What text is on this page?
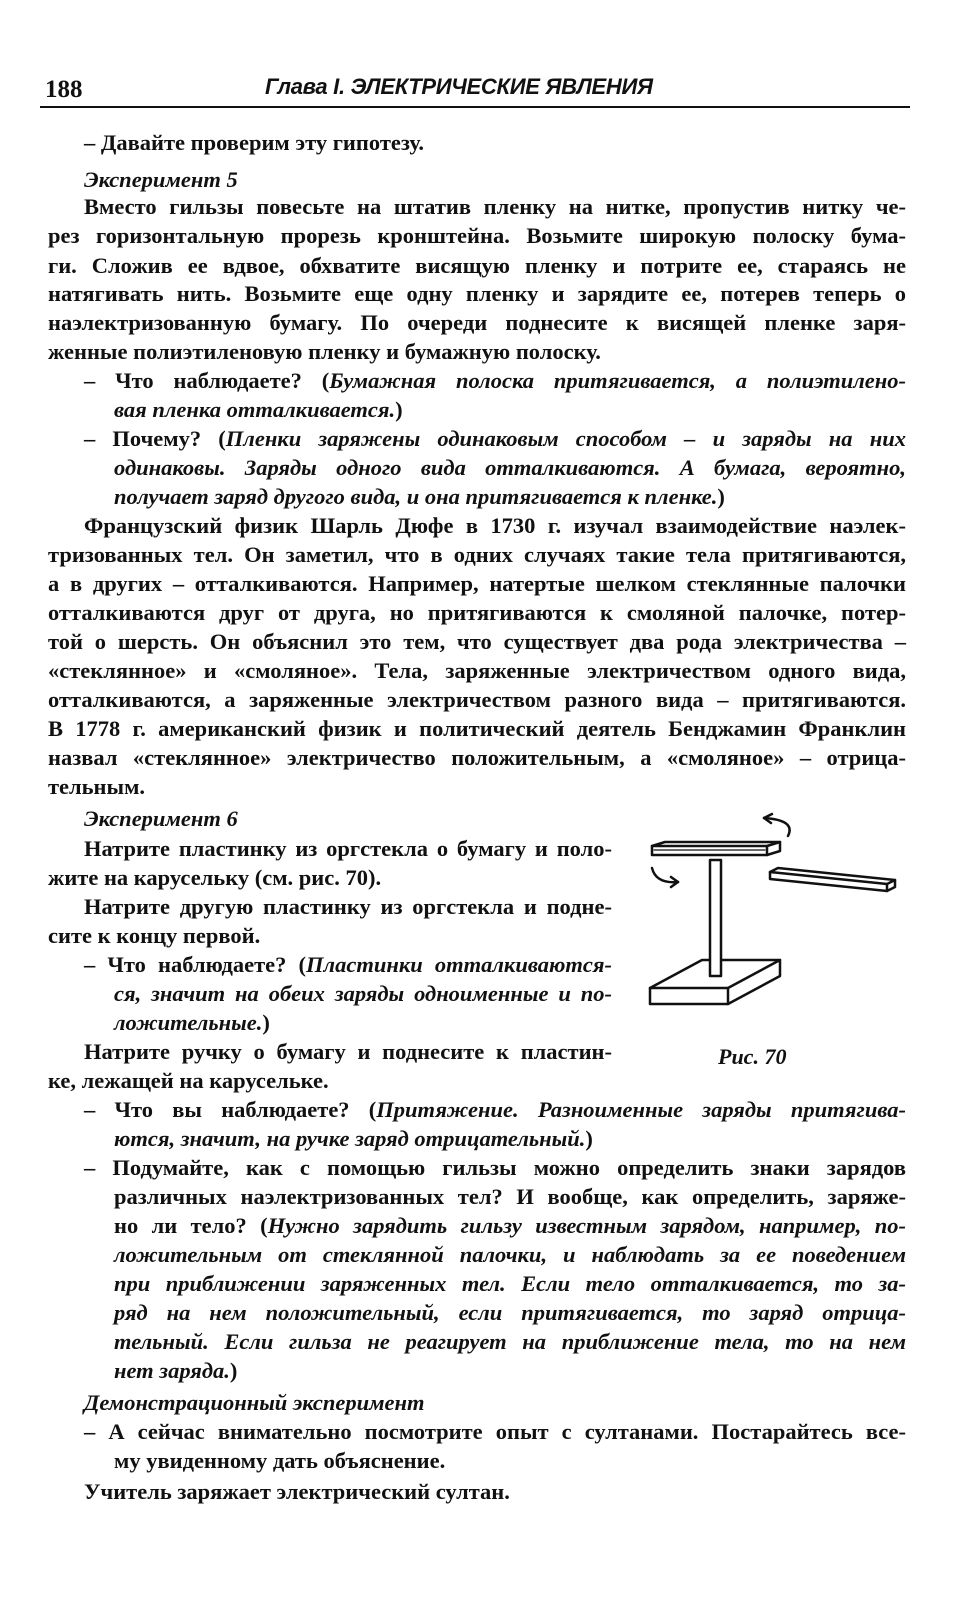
188	Глава I. ЭЛЕКТРИЧЕСКИЕ ЯВЛЕНИЯ
– Давайте проверим эту гипотезу.
Эксперимент 5
Вместо гильзы повесьте на штатив пленку на нитке, пропустив нитку че-
рез горизонтальную прорезь кронштейна. Возьмите широкую полоску бума-
ги. Сложив ее вдвое, обхватите висящую пленку и потрите ее, стараясь не
натягивать нить. Возьмите еще одну пленку и зарядите ее, потерев теперь о
наэлектризованную бумагу. По очереди поднесите к висящей пленке заря-
женные полиэтиленовую пленку и бумажную полоску.
– Что наблюдаете? (Бумажная полоска притягивается, а полиэтилено-
вая пленка отталкивается.)
– Почему? (Пленки заряжены одинаковым способом – и заряды на них
одинаковы. Заряды одного вида отталкиваются. А бумага, вероятно,
получает заряд другого вида, и она притягивается к пленке.)
Французский физик Шарль Дюфе в 1730 г. изучал взаимодействие наэлек-
тризованных тел. Он заметил, что в одних случаях такие тела притягиваются,
а в других – отталкиваются. Например, натертые шелком стеклянные палочки
отталкиваются друг от друга, но притягиваются к смоляной палочке, потер-
той о шерсть. Он объяснил это тем, что существует два рода электричества –
«стеклянное» и «смоляное». Тела, заряженные электричеством одного вида,
отталкиваются, а заряженные электричеством разного вида – притягиваются.
В 1778 г. американский физик и политический деятель Бенджамин Франклин
назвал «стеклянное» электричество положительным, а «смоляное» – отрица-
тельным.
Эксперимент 6
Натрите пластинку из оргстекла о бумагу и поло-
жите на карусельку (см. рис. 70).
Натрите другую пластинку из оргстекла и подне-
сите к концу первой.
– Что наблюдаете? (Пластинки отталкиваются-
ся, значит на обеих заряды одноименные и по-
ложительные.)
Натрите ручку о бумагу и поднесите к пластин-
ке, лежащей на карусельке.
– Что вы наблюдаете? (Притяжение. Разноименные заряды притягива-
ются, значит, на ручке заряд отрицательный.)
– Подумайте, как с помощью гильзы можно определить знаки зарядов
различных наэлектризованных тел? И вообще, как определить, заряже-
но ли тело? (Нужно зарядить гильзу известным зарядом, например, по-
ложительным от стеклянной палочки, и наблюдать за ее поведением
при приближении заряженных тел. Если тело отталкивается, то за-
ряд на нем положительный, если притягивается, то заряд отрица-
тельный. Если гильза не реагирует на приближение тела, то на нем
нет заряда.)
Демонстрационный эксперимент
– А сейчас внимательно посмотрите опыт с султанами. Постарайтесь все-
му увиденному дать объяснение.
Учитель заряжает электрический султан.
Рис. 70
